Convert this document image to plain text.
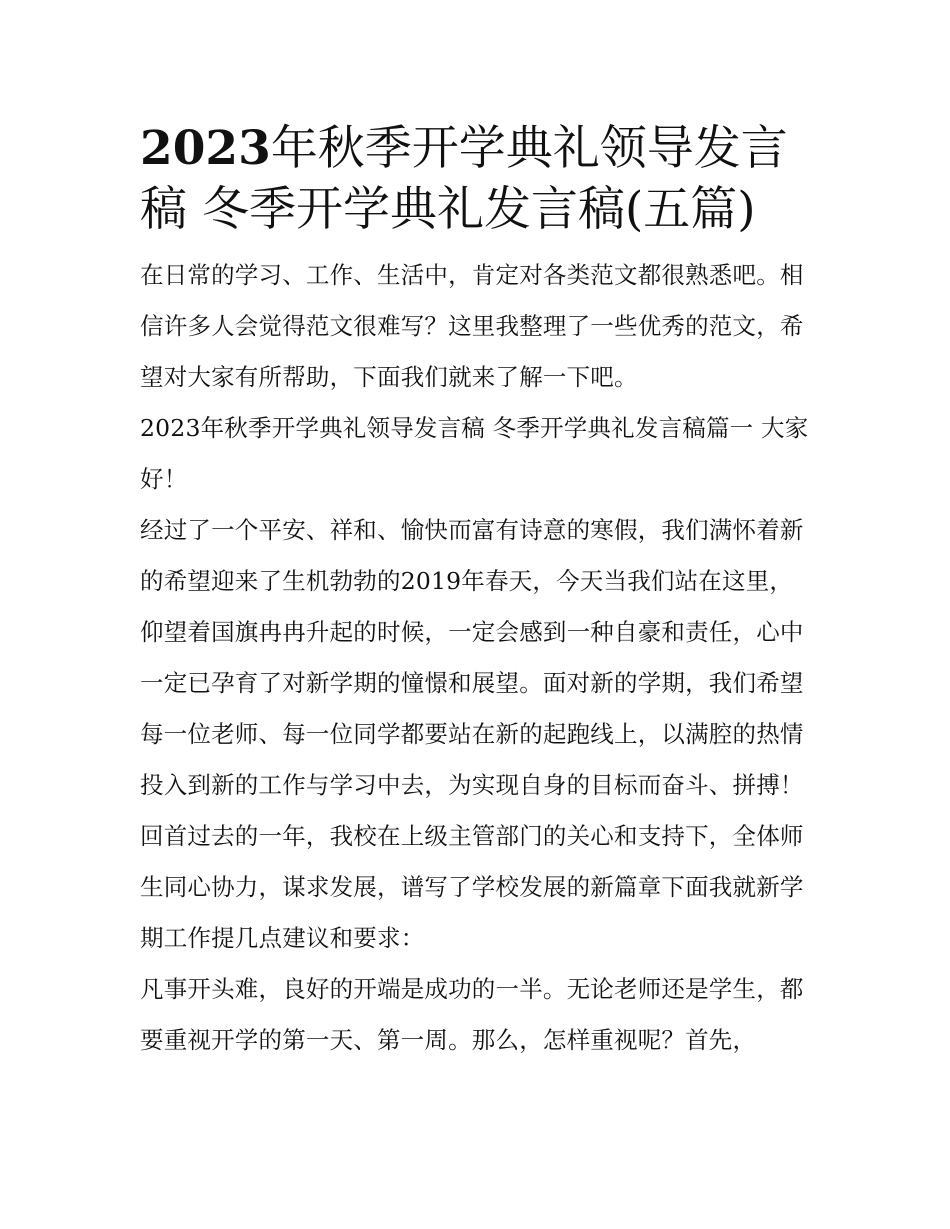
2023年秋季开学典礼领导发言稿 冬季开学典礼发言稿(五篇)

在日常的学习、工作、生活中，肯定对各类范文都很熟悉吧。相信许多人会觉得范文很难写？这里我整理了一些优秀的范文，希望对大家有所帮助，下面我们就来了解一下吧。

2023年秋季开学典礼领导发言稿 冬季开学典礼发言稿篇一 大家好！

经过了一个平安、祥和、愉快而富有诗意的寒假，我们满怀着新的希望迎来了生机勃勃的2019年春天，今天当我们站在这里，仰望着国旗冉冉升起的时候，一定会感到一种自豪和责任，心中一定已孕育了对新学期的憧憬和展望。面对新的学期，我们希望每一位老师、每一位同学都要站在新的起跑线上，以满腔的热情投入到新的工作与学习中去，为实现自身的目标而奋斗、拼搏！回首过去的一年，我校在上级主管部门的关心和支持下，全体师生同心协力，谋求发展，谱写了学校发展的新篇章下面我就新学期工作提几点建议和要求：

凡事开头难，良好的开端是成功的一半。无论老师还是学生，都要重视开学的第一天、第一周。那么，怎样重视呢？首先，
